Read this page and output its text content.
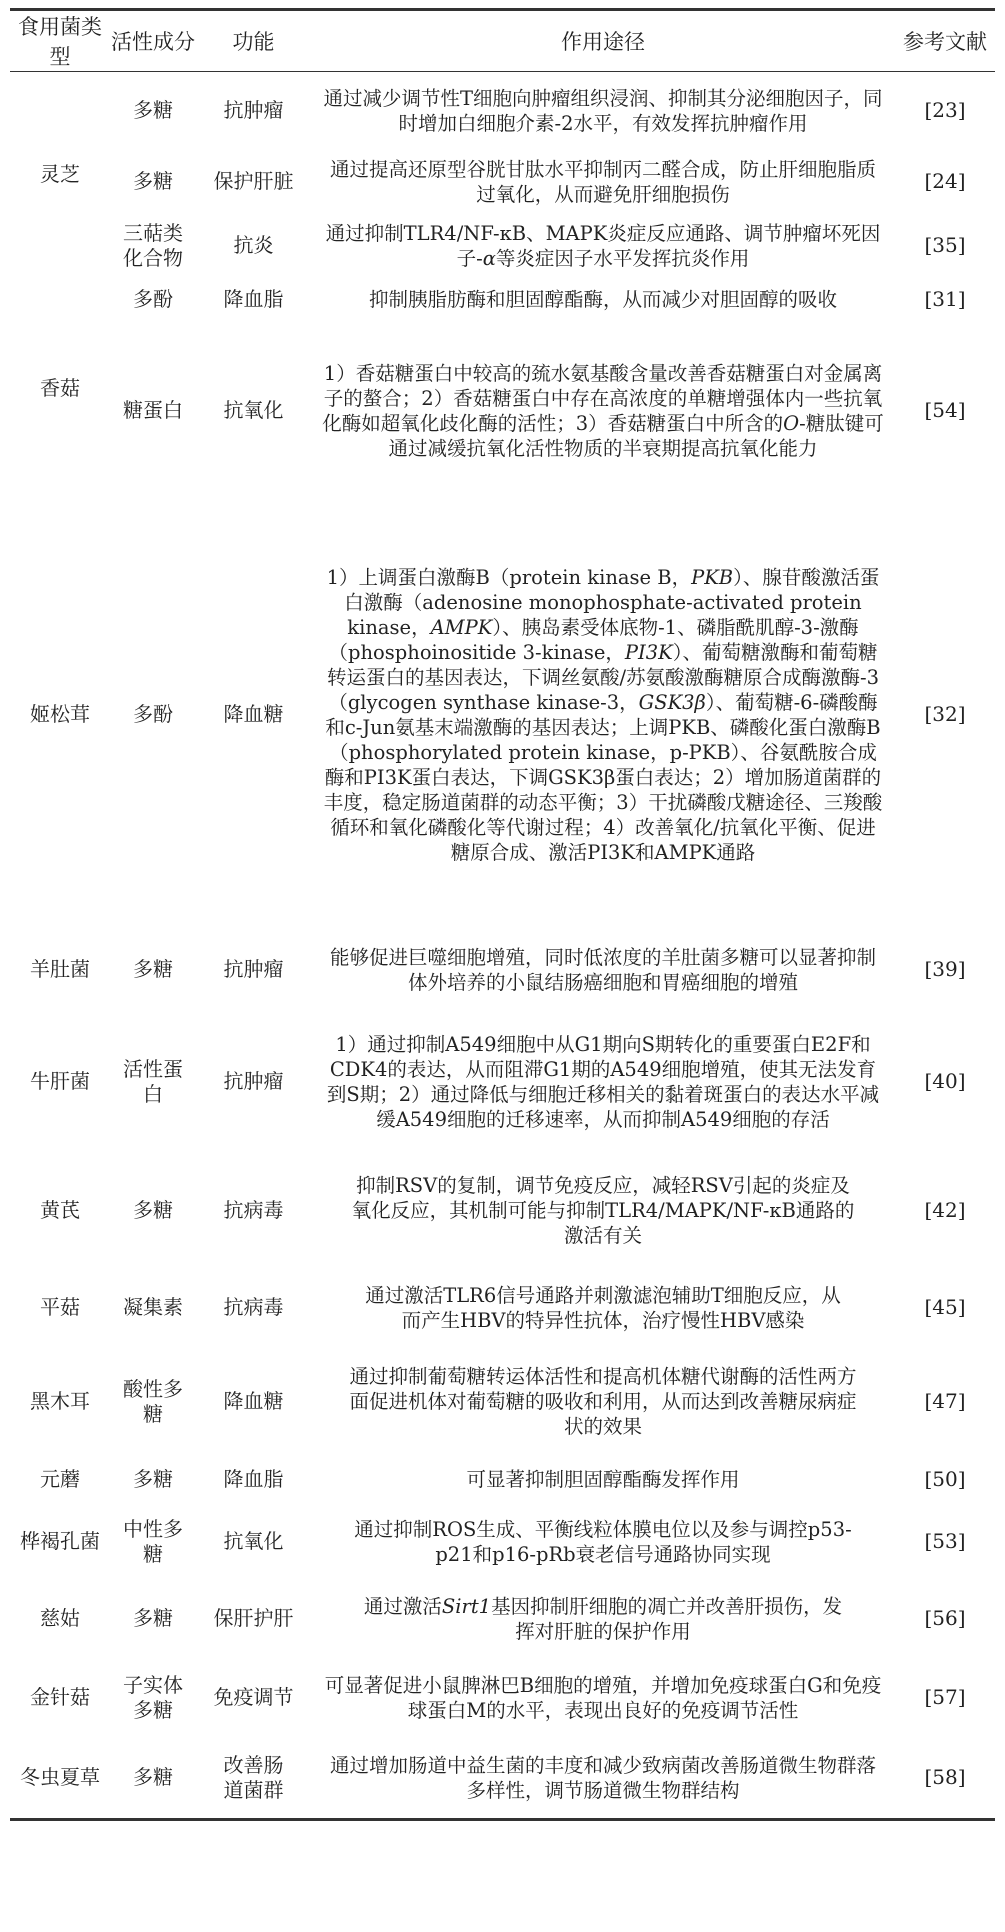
食用菌类型	活性成分	功能	作用途径	参考文献
灵芝	多糖	抗肿瘤	通过减少调节性T细胞向肿瘤组织浸润、抑制其分泌细胞因子，同时增加白细胞介素-2水平，有效发挥抗肿瘤作用	[23]
	多糖	保护肝脏	通过提高还原型谷胱甘肽水平抑制丙二醛合成，防止肝细胞脂质过氧化，从而避免肝细胞损伤	[24]
	三萜类化合物	抗炎	通过抑制TLR4/NF-κB、MAPK炎症反应通路、调节肿瘤坏死因子-α等炎症因子水平发挥抗炎作用	[35]
香菇	多酚	降血脂	抑制胰脂肪酶和胆固醇酯酶，从而减少对胆固醇的吸收	[31]
	糖蛋白	抗氧化	1）香菇糖蛋白中较高的巯水氨基酸含量改善香菇糖蛋白对金属离子的螯合；2）香菇糖蛋白中存在高浓度的单糖增强体内一些抗氧化酶如超氧化歧化酶的活性；3）香菇糖蛋白中所含的O-糖肽键可通过减缓抗氧化活性物质的半衰期提高抗氧化能力	[54]
姬松茸	多酚	降血糖	1）上调蛋白激酶B（protein kinase B，PKB）、腺苷酸激活蛋白激酶（adenosine monophosphate-activated protein kinase，AMPK）、胰岛素受体底物-1、磷脂酰肌醇-3-激酶（phosphoinositide 3-kinase，PI3K）、葡萄糖激酶和葡萄糖转运蛋白的基因表达，下调丝氨酸/苏氨酸激酶糖原合成酶激酶-3（glycogen synthase kinase-3，GSK3β）、葡萄糖-6-磷酸酶和c-Jun氨基末端激酶的基因表达；上调PKB、磷酸化蛋白激酶B（phosphorylated protein kinase，p-PKB）、谷氨酰胺合成酶和PI3K蛋白表达，下调GSK3β蛋白表达；2）增加肠道菌群的丰度，稳定肠道菌群的动态平衡；3）干扰磷酸戊糖途径、三羧酸循环和氧化磷酸化等代谢过程；4）改善氧化/抗氧化平衡、促进糖原合成、激活PI3K和AMPK通路	[32]
羊肚菌	多糖	抗肿瘤	能够促进巨噬细胞增殖，同时低浓度的羊肚菌多糖可以显著抑制体外培养的小鼠结肠癌细胞和胃癌细胞的增殖	[39]
牛肝菌	活性蛋白	抗肿瘤	1）通过抑制A549细胞中从G1期向S期转化的重要蛋白E2F和CDK4的表达，从而阻滞G1期的A549细胞增殖，使其无法发育到S期；2）通过降低与细胞迁移相关的黏着斑蛋白的表达水平减缓A549细胞的迁移速率，从而抑制A549细胞的存活	[40]
黄芪	多糖	抗病毒	抑制RSV的复制，调节免疫反应，减轻RSV引起的炎症及氧化反应，其机制可能与抑制TLR4/MAPK/NF-κB通路的激活有关	[42]
平菇	凝集素	抗病毒	通过激活TLR6信号通路并刺激滤泡辅助T细胞反应，从而产生HBV的特异性抗体，治疗慢性HBV感染	[45]
黑木耳	酸性多糖	降血糖	通过抑制葡萄糖转运体活性和提高机体糖代谢酶的活性两方面促进机体对葡萄糖的吸收和利用，从而达到改善糖尿病症状的效果	[47]
元蘑	多糖	降血脂	可显著抑制胆固醇酯酶发挥作用	[50]
桦褐孔菌	中性多糖	抗氧化	通过抑制ROS生成、平衡线粒体膜电位以及参与调控p53-p21和p16-pRb衰老信号通路协同实现	[53]
慈姑	多糖	保肝护肝	通过激活Sirt1基因抑制肝细胞的凋亡并改善肝损伤，发挥对肝脏的保护作用	[56]
金针菇	子实体多糖	免疫调节	可显著促进小鼠脾淋巴B细胞的增殖，并增加免疫球蛋白G和免疫球蛋白M的水平，表现出良好的免疫调节活性	[57]
冬虫夏草	多糖	改善肠道菌群	通过增加肠道中益生菌的丰度和减少致病菌改善肠道微生物群落多样性，调节肠道微生物群结构	[58]
